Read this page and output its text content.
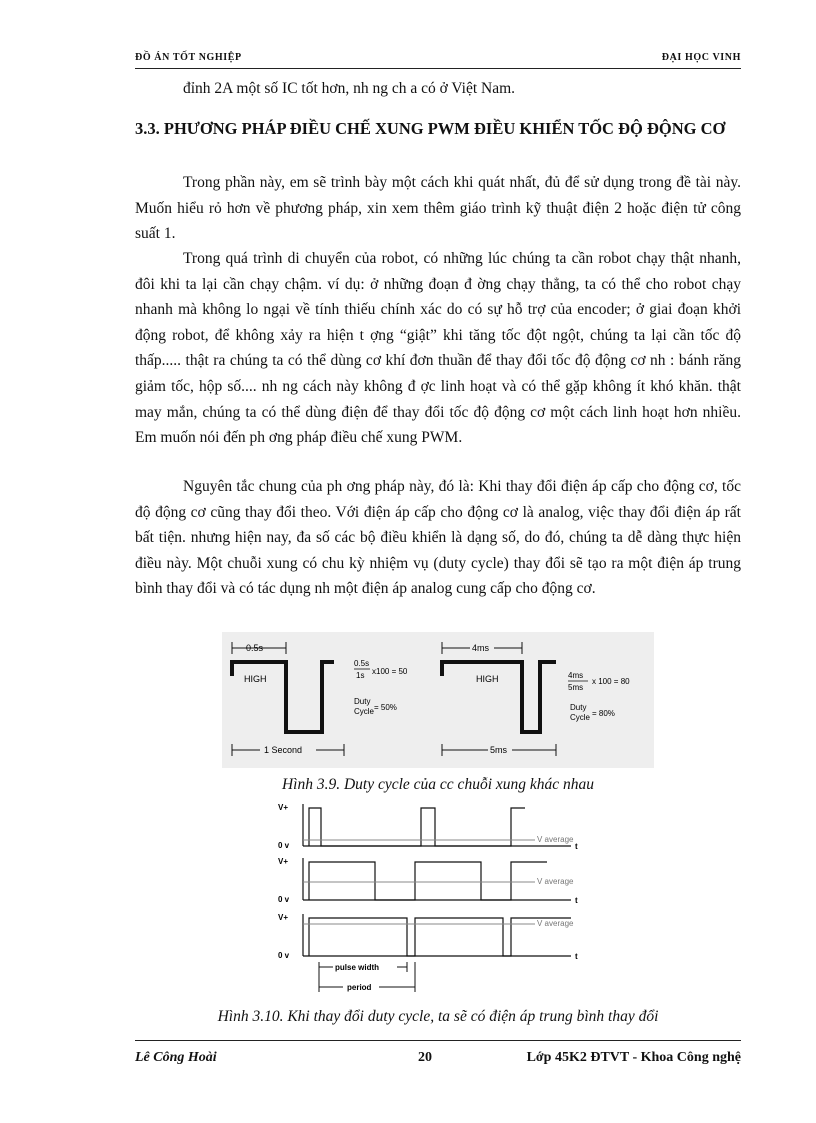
ĐỒ ÁN TỐT NGHIỆP	ĐẠI HỌC VINH

đỉnh 2A một số IC tốt hơn, nh ng ch a có ở Việt Nam.

3.3. PHƯƠNG PHÁP ĐIỀU CHẾ XUNG PWM ĐIỀU KHIỂN TỐC ĐỘ ĐỘNG CƠ

Trong phần này, em sẽ trình bày một cách khi quát nhất, đủ để sử dụng trong đề tài này. Muốn hiểu rỏ hơn về phương pháp, xin xem thêm giáo trình kỹ thuật điện 2 hoặc điện tử công suất 1.

Trong quá trình di chuyển của robot, có những lúc chúng ta cần robot chạy thật nhanh, đôi khi ta lại cần chạy chậm. ví dụ: ở những đoạn đ ờng chạy thẳng, ta có thể cho robot chạy nhanh mà không lo ngại về tính thiếu chính xác do có sự hỗ trợ của encoder; ở giai đoạn khởi động robot, để không xảy ra hiện t ợng “giật” khi tăng tốc đột ngột, chúng ta lại cần tốc độ thấp..... thật ra chúng ta có thể dùng cơ khí đơn thuần để thay đổi tốc độ động cơ nh : bánh răng giảm tốc, hộp số.... nh ng cách này không đ ợc linh hoạt và có thể gặp không ít khó khăn. thật may mắn, chúng ta có thể dùng điện để thay đổi tốc độ động cơ một cách linh hoạt hơn nhiều. Em muốn nói đến ph ơng pháp điều chế xung PWM.

Nguyên tắc chung của ph ơng pháp này, đó là: Khi thay đổi điện áp cấp cho động cơ, tốc độ động cơ cũng thay đổi theo. Với điện áp cấp cho động cơ là analog, việc thay đổi điện áp rất bất tiện. nhưng hiện nay, đa số các bộ điều khiển là dạng số, do đó, chúng ta dễ dàng thực hiện điều này. Một chuỗi xung có chu kỳ nhiệm vụ (duty cycle) thay đổi sẽ tạo ra một điện áp trung bình thay đổi và có tác dụng nh một điện áp analog cung cấp cho động cơ.

0.5s
HIGH
1 Second
0.5s
1s x100 = 50
Duty
Cycle = 50%
4ms
HIGH
5ms
4ms
5ms
x 100 = 80
Duty
Cycle = 80%
Hình 3.9. Duty cycle của cc chuỗi xung khác nhau
V+
0 v	t
V+
0 v	t
V+
0 v	t
V average
V average
V average
pulse width
period
Hình 3.10. Khi thay đổi duty cycle, ta sẽ có điện áp trung bình thay đổi
Lê Công Hoài	20	Lớp 45K2 ĐTVT - Khoa Công nghệ
